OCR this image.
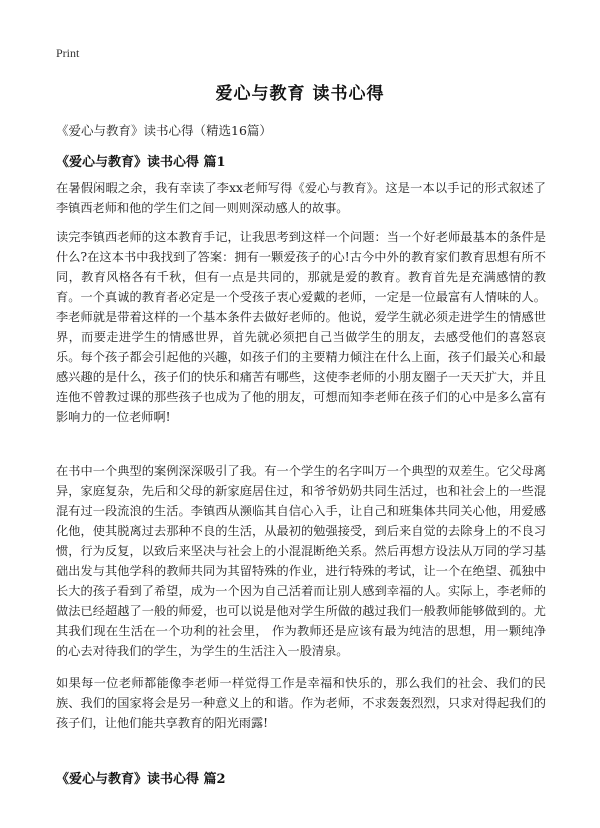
Print
爱心与教育 读书心得
《爱心与教育》读书心得（精选16篇）
《爱心与教育》读书心得 篇1

在暑假闲暇之余，我有幸读了李xx老师写得《爱心与教育》。这是一本以手记的形式叙述了李镇西老师和他的学生们之间一则则深动感人的故事。

读完李镇西老师的这本教育手记，让我思考到这样一个问题：当一个好老师最基本的条件是什么?在这本书中我找到了答案：拥有一颗爱孩子的心!古今中外的教育家们教育思想有所不同，教育风格各有千秋，但有一点是共同的，那就是爱的教育。教育首先是充满感情的教育。一个真诚的教育者必定是一个受孩子衷心爱戴的老师，一定是一位最富有人情味的人。李老师就是带着这样的一个基本条件去做好老师的。他说，爱学生就必须走进学生的情感世界，而要走进学生的情感世界，首先就必须把自己当做学生的朋友，去感受他们的喜怒哀乐。每个孩子都会引起他的兴趣，如孩子们的主要精力倾注在什么上面，孩子们最关心和最感兴趣的是什么，孩子们的快乐和痛苦有哪些，这使李老师的小朋友圈子一天天扩大，并且连他不曾教过课的那些孩子也成为了他的朋友，可想而知李老师在孩子们的心中是多么富有影响力的一位老师啊!

在书中一个典型的案例深深吸引了我。有一个学生的名字叫万一个典型的双差生。它父母离异，家庭复杂，先后和父母的新家庭居住过，和爷爷奶奶共同生活过，也和社会上的一些混混有过一段流浪的生活。李镇西从濒临其自信心入手，让自己和班集体共同关心他，用爱感化他，使其脱离过去那种不良的生活，从最初的勉强接受，到后来自觉的去除身上的不良习惯，行为反复，以致后来坚决与社会上的小混混断绝关系。然后再想方设法从万同的学习基础出发与其他学科的教师共同为其留特殊的作业，进行特殊的考试，让一个在绝望、孤独中长大的孩子看到了希望，成为一个因为自己活着而让别人感到幸福的人。实际上，李老师的做法已经超越了一般的师爱，也可以说是他对学生所做的越过我们一般教师能够做到的。尤其我们现在生活在一个功利的社会里， 作为教师还是应该有最为纯洁的思想，用一颗纯净的心去对待我们的学生，为学生的生活注入一股清泉。

如果每一位老师都能像李老师一样觉得工作是幸福和快乐的，那么我们的社会、我们的民族、我们的国家将会是另一种意义上的和谐。作为老师，不求轰轰烈烈，只求对得起我们的孩子们，让他们能共享教育的阳光雨露!

《爱心与教育》读书心得 篇2
